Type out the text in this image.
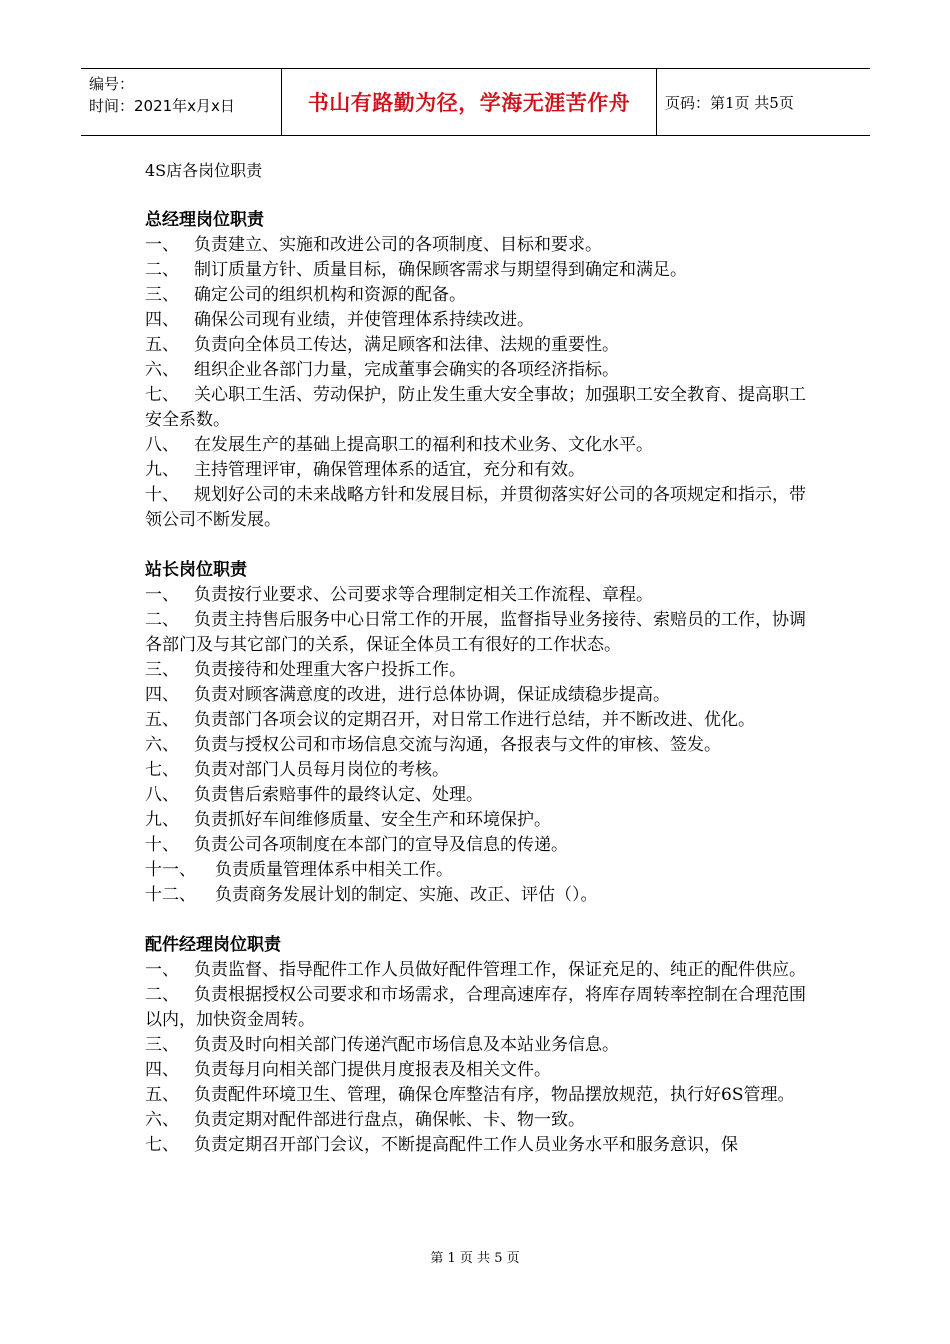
编号：
时间：2021年x月x日	书山有路勤为径，学海无涯苦作舟	页码：第1页 共5页

4S店各岗位职责

总经理岗位职责

一、 负责建立、实施和改进公司的各项制度、目标和要求。

二、 制订质量方针、质量目标，确保顾客需求与期望得到确定和满足。

三、 确定公司的组织机构和资源的配备。

四、 确保公司现有业绩，并使管理体系持续改进。

五、 负责向全体员工传达，满足顾客和法律、法规的重要性。

六、 组织企业各部门力量，完成董事会确实的各项经济指标。

七、 关心职工生活、劳动保护，防止发生重大安全事故；加强职工安全教育、提高职工安全系数。

八、 在发展生产的基础上提高职工的福利和技术业务、文化水平。

九、 主持管理评审，确保管理体系的适宜，充分和有效。

十、 规划好公司的未来战略方针和发展目标，并贯彻落实好公司的各项规定和指示，带领公司不断发展。

站长岗位职责

一、 负责按行业要求、公司要求等合理制定相关工作流程、章程。

二、 负责主持售后服务中心日常工作的开展，监督指导业务接待、索赔员的工作，协调各部门及与其它部门的关系，保证全体员工有很好的工作状态。

三、 负责接待和处理重大客户投拆工作。

四、 负责对顾客满意度的改进，进行总体协调，保证成绩稳步提高。

五、 负责部门各项会议的定期召开，对日常工作进行总结，并不断改进、优化。

六、 负责与授权公司和市场信息交流与沟通，各报表与文件的审核、签发。

七、 负责对部门人员每月岗位的考核。

八、 负责售后索赔事件的最终认定、处理。

九、 负责抓好车间维修质量、安全生产和环境保护。

十、 负责公司各项制度在本部门的宣导及信息的传递。

十一、 负责质量管理体系中相关工作。

十二、 负责商务发展计划的制定、实施、改正、评估（）。

配件经理岗位职责

一、 负责监督、指导配件工作人员做好配件管理工作，保证充足的、纯正的配件供应。

二、 负责根据授权公司要求和市场需求，合理高速库存，将库存周转率控制在合理范围以内，加快资金周转。

三、 负责及时向相关部门传递汽配市场信息及本站业务信息。

四、 负责每月向相关部门提供月度报表及相关文件。

五、 负责配件环境卫生、管理，确保仓库整洁有序，物品摆放规范，执行好6S管理。

六、 负责定期对配件部进行盘点，确保帐、卡、物一致。

七、 负责定期召开部门会议，不断提高配件工作人员业务水平和服务意识，保

第 1 页 共 5 页
